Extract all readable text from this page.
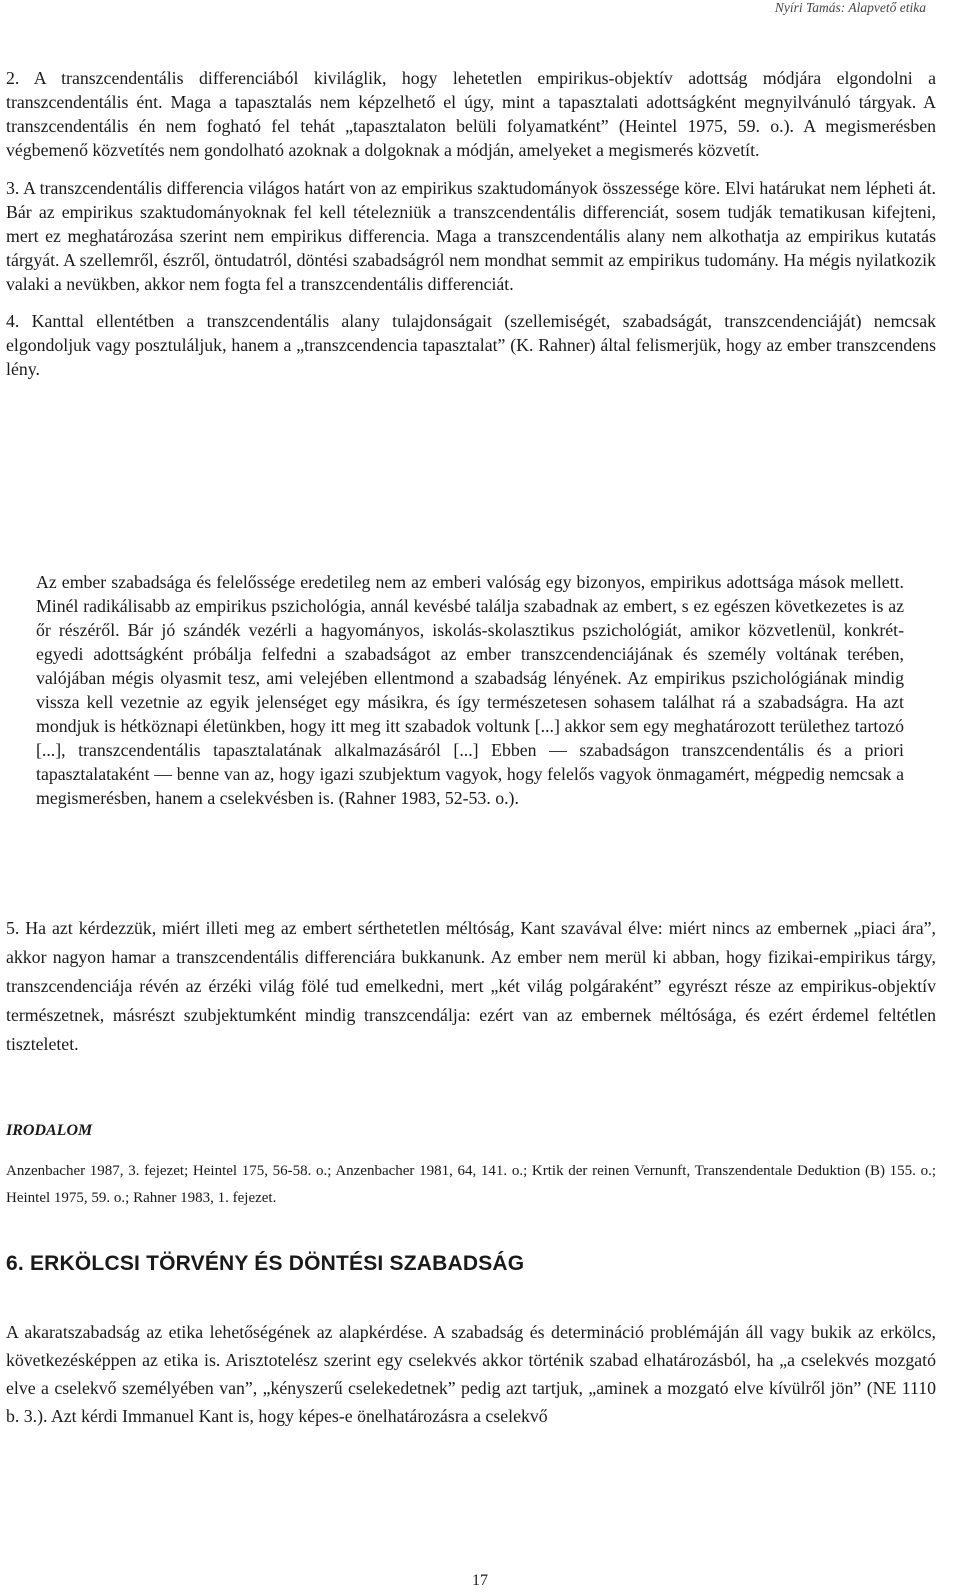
Nyíri Tamás: Alapvető etika

2. A transzcendentális differenciából kiviláglik, hogy lehetetlen empirikus-objektív adottság módjára elgondolni a transzcendentális ént. Maga a tapasztalás nem képzelhető el úgy, mint a tapasztalati adottságként megnyilvánuló tárgyak. A transzcendentális én nem fogható fel tehát „tapasztalaton belüli folyamatként” (Heintel 1975, 59. o.). A megismerésben végbemenő közvetítés nem gondolható azoknak a dolgoknak a módján, amelyeket a megismerés közvetít.

3. A transzcendentális differencia világos határt von az empirikus szaktudományok összessége köre. Elvi határukat nem lépheti át. Bár az empirikus szaktudományoknak fel kell tételezniük a transzcendentális differenciát, sosem tudják tematikusan kifejteni, mert ez meghatározása szerint nem empirikus differencia. Maga a transzcendentális alany nem alkothatja az empirikus kutatás tárgyát. A szellemről, észről, öntudatról, döntési szabadságról nem mondhat semmit az empirikus tudomány. Ha mégis nyilatkozik valaki a nevükben, akkor nem fogta fel a transzcendentális differenciát.

4. Kanttal ellentétben a transzcendentális alany tulajdonságait (szellemiségét, szabadságát, transzcendenciáját) nemcsak elgondoljuk vagy posztuláljuk, hanem a „transzcendencia tapasztalat” (K. Rahner) által felismerjük, hogy az ember transzcendens lény.

Az ember szabadsága és felelőssége eredetileg nem az emberi valóság egy bizonyos, empirikus adottsága mások mellett. Minél radikálisabb az empirikus pszichológia, annál kevésbé találja szabadnak az embert, s ez egészen következetes is az őr részéről. Bár jó szándék vezérli a hagyományos, iskolás-skolasztikus pszichológiát, amikor közvetlenül, konkrét-egyedi adottságként próbálja felfedni a szabadságot az ember transzcendenciájának és személy voltának terében, valójában mégis olyasmit tesz, ami velejében ellentmond a szabadság lényének. Az empirikus pszichológiának mindig vissza kell vezetnie az egyik jelenséget egy másikra, és így természetesen sohasem találhat rá a szabadságra. Ha azt mondjuk is hétköznapi életünkben, hogy itt meg itt szabadok voltunk [...] akkor sem egy meghatározott területhez tartozó [...], transzcendentális tapasztalatának alkalmazásáról [...] Ebben — szabadságon transzcendentális és a priori tapasztalataként — benne van az, hogy igazi szubjektum vagyok, hogy felelős vagyok önmagamért, mégpedig nemcsak a megismerésben, hanem a cselekvésben is. (Rahner 1983, 52-53. o.).

5. Ha azt kérdezzük, miért illeti meg az embert sérthetetlen méltóság, Kant szavával élve: miért nincs az embernek „piaci ára”, akkor nagyon hamar a transzcendentális differenciára bukkanunk. Az ember nem merül ki abban, hogy fizikai-empirikus tárgy, transzcendenciája révén az érzéki világ fölé tud emelkedni, mert „két világ polgáraként” egyrészt része az empirikus-objektív természetnek, másrészt szubjektumként mindig transzcendálja: ezért van az embernek méltósága, és ezért érdemel feltétlen tiszteletet.

IRODALOM

Anzenbacher 1987, 3. fejezet; Heintel 175, 56-58. o.; Anzenbacher 1981, 64, 141. o.; Krtik der reinen Vernunft, Transzendentale Deduktion (B) 155. o.; Heintel 1975, 59. o.; Rahner 1983, 1. fejezet.

6. ERKÖLCSI TÖRVÉNY ÉS DÖNTÉSI SZABADSÁG

A akaratszabadság az etika lehetőségének az alapkérdése. A szabadság és determináció problémáján áll vagy bukik az erkölcs, következésképpen az etika is. Arisztotelész szerint egy cselekvés akkor történik szabad elhatározásból, ha „a cselekvés mozgató elve a cselekvő személyében van”, „kényszerű cselekedetnek” pedig azt tartjuk, „aminek a mozgató elve kívülről jön” (NE 1110 b. 3.). Azt kérdi Immanuel Kant is, hogy képes-e önelhatározásra a cselekvő

17
